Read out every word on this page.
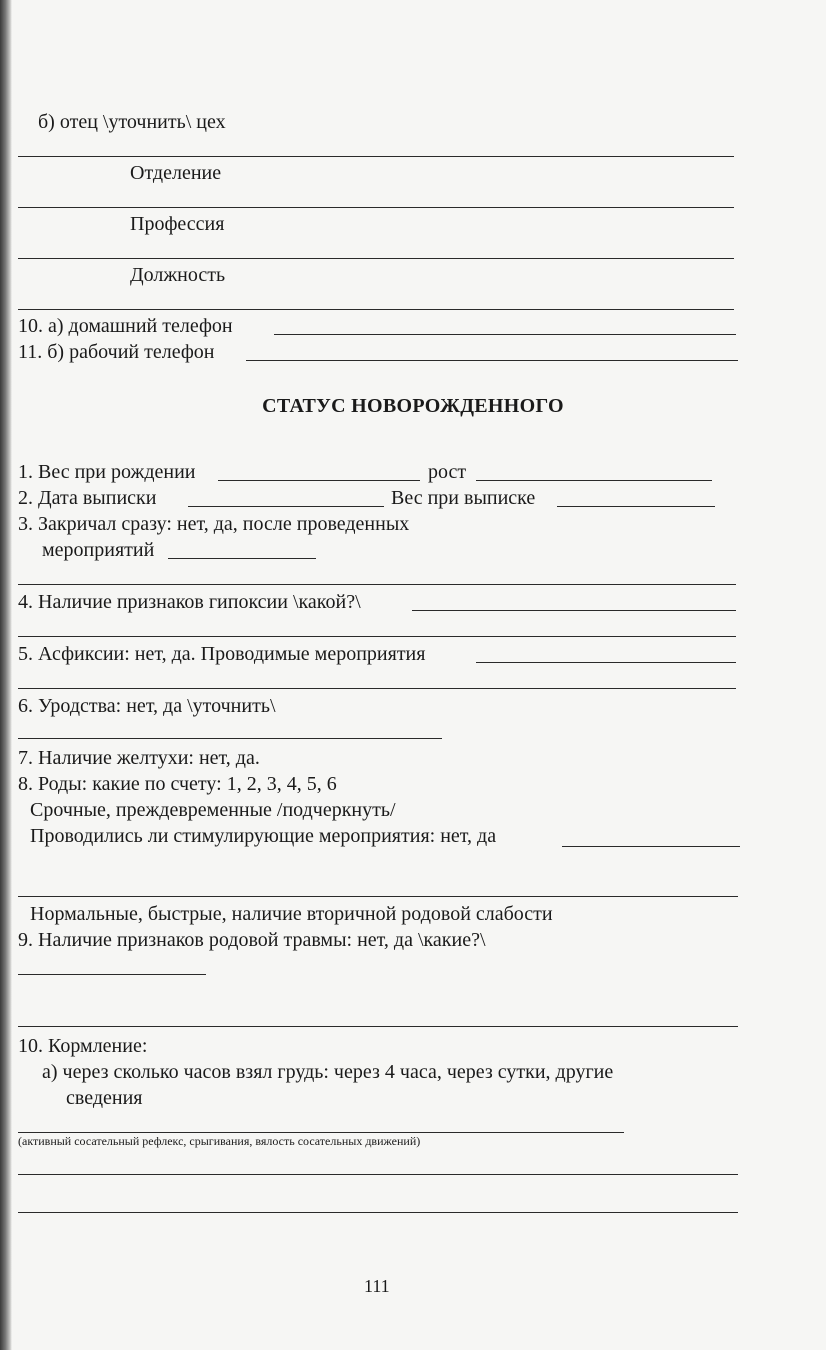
б) отец \уточнить\ цех
Отделение
Профессия
Должность
10. а) домашний телефон
11. б) рабочий телефон
СТАТУС НОВОРОЖДЕННОГО
1. Вес при рождении	рост
2. Дата выписки	Вес при выписке
3. Закричал сразу: нет, да, после проведенных
мероприятий
4. Наличие признаков гипоксии \какой?\
5. Асфиксии: нет, да. Проводимые мероприятия
6. Уродства: нет, да \уточнить\
7. Наличие желтухи: нет, да.
8. Роды: какие по счету: 1, 2, 3, 4, 5, 6
Срочные, преждевременные /подчеркнуть/
Проводились ли стимулирующие мероприятия: нет, да
Нормальные, быстрые, наличие вторичной родовой слабости
9. Наличие признаков родовой травмы: нет, да \какие?\
10. Кормление:
а) через сколько часов взял грудь: через 4 часа, через сутки, другие
сведения
(активный сосательный рефлекс, срыгивания, вялость сосательных движений)
111
